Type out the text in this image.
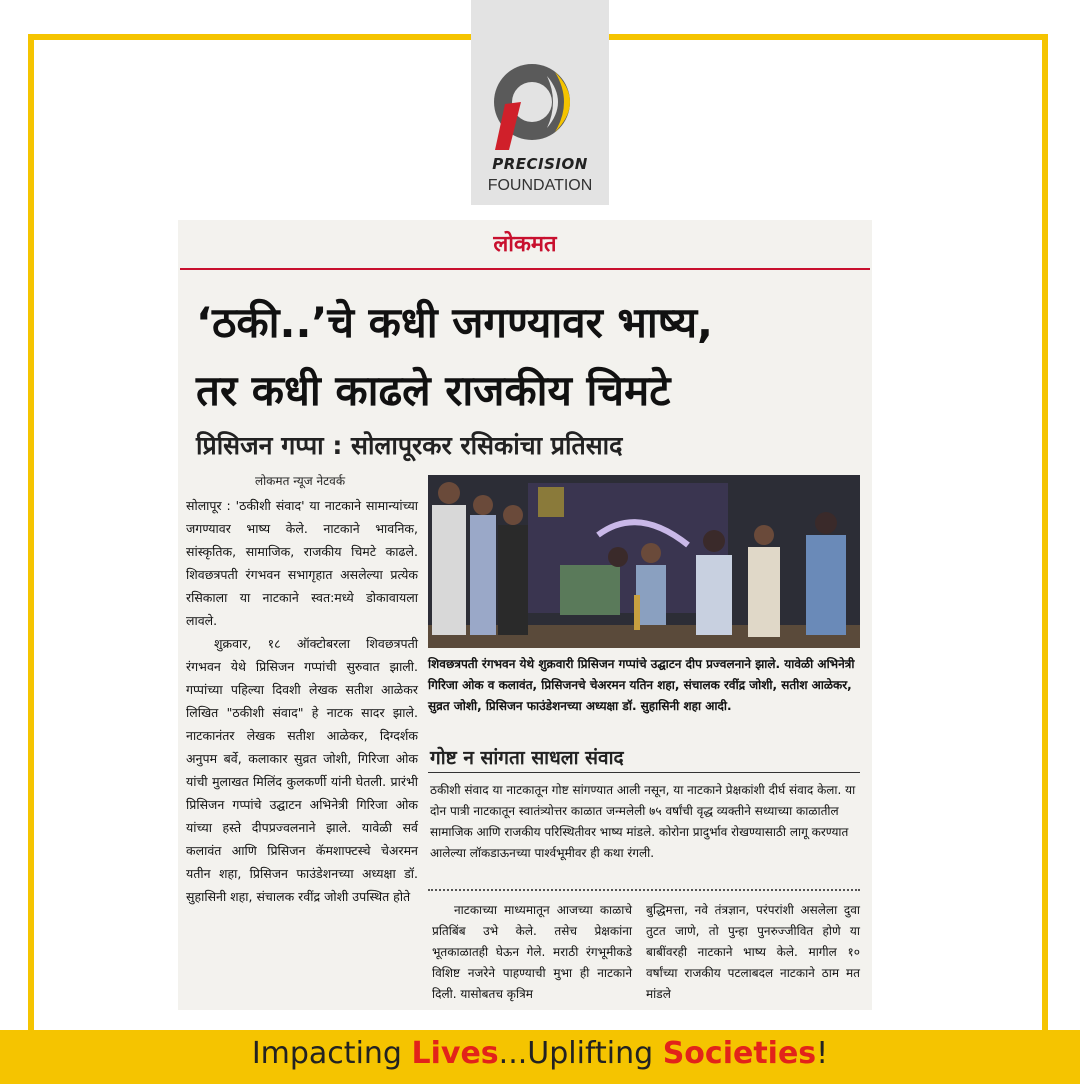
PRECISION
FOUNDATION
लोकमत
‘ठकी..’चे कधी जगण्यावर भाष्य,
तर कधी काढले राजकीय चिमटे
प्रिसिजन गप्पा : सोलापूरकर रसिकांचा प्रतिसाद
लोकमत न्यूज नेटवर्क

सोलापूर : 'ठकीशी संवाद' या नाटकाने सामान्यांच्या जगण्यावर भाष्य केले. नाटकाने भावनिक, सांस्कृतिक, सामाजिक, राजकीय चिमटे काढले. शिवछत्रपती रंगभवन सभागृहात असलेल्या प्रत्येक रसिकाला या नाटकाने स्वत:मध्ये डोकावायला लावले.

शुक्रवार, १८ ऑक्टोबरला शिवछत्रपती रंगभवन येथे प्रिसिजन गप्पांची सुरुवात झाली. गप्पांच्या पहिल्या दिवशी लेखक सतीश आळेकर लिखित "ठकीशी संवाद" हे नाटक सादर झाले. नाटकानंतर लेखक सतीश आळेकर, दिग्दर्शक अनुपम बर्वे, कलाकार सुव्रत जोशी, गिरिजा ओक यांची मुलाखत मिलिंद कुलकर्णी यांनी घेतली. प्रारंभी प्रिसिजन गप्पांचे उद्घाटन अभिनेत्री गिरिजा ओक यांच्या हस्ते दीपप्रज्वलनाने झाले. यावेळी सर्व कलावंत आणि प्रिसिजन कॅमशाफ्टस्चे चेअरमन यतीन शहा, प्रिसिजन फाउंडेशनच्या अध्यक्षा डॉ. सुहासिनी शहा, संचालक रवींद्र जोशी उपस्थित होते

शिवछत्रपती रंगभवन येथे शुक्रवारी प्रिसिजन गप्पांचे उद्घाटन दीप प्रज्वलनाने झाले. यावेळी अभिनेत्री गिरिजा ओक व कलावंत, प्रिसिजनचे चेअरमन यतिन शहा, संचालक रवींद्र जोशी, सतीश आळेकर, सुव्रत जोशी, प्रिसिजन फाउंडेशनच्या अध्यक्षा डॉ. सुहासिनी शहा आदी.
गोष्ट न सांगता साधला संवाद
ठकीशी संवाद या नाटकातून गोष्ट सांगण्यात आली नसून, या नाटकाने प्रेक्षकांशी दीर्घ संवाद केला. या दोन पात्री नाटकातून स्वातंत्र्योत्तर काळात जन्मलेली ७५ वर्षांची वृद्ध व्यक्तीने सध्याच्या काळातील सामाजिक आणि राजकीय परिस्थितीवर भाष्य मांडले. कोरोना प्रादुर्भाव रोखण्यासाठी लागू करण्यात आलेल्या लॉकडाऊनच्या पार्श्वभूमीवर ही कथा रंगली.
नाटकाच्या माध्यमातून आजच्या काळाचे प्रतिबिंब उभे केले. तसेच प्रेक्षकांना भूतकाळातही घेऊन गेले. मराठी रंगभूमीकडे विशिष्ट नजरेने पाहण्याची मुभा ही नाटकाने दिली. यासोबतच कृत्रिम
बुद्धिमत्ता, नवे तंत्रज्ञान, परंपरांशी असलेला दुवा तुटत जाणे, तो पुन्हा पुनरुज्जीवित होणे या बाबींवरही नाटकाने भाष्य केले. मागील १० वर्षांच्या राजकीय पटलाबदल नाटकाने ठाम मत मांडले
Impacting Lives...Uplifting Societies!
